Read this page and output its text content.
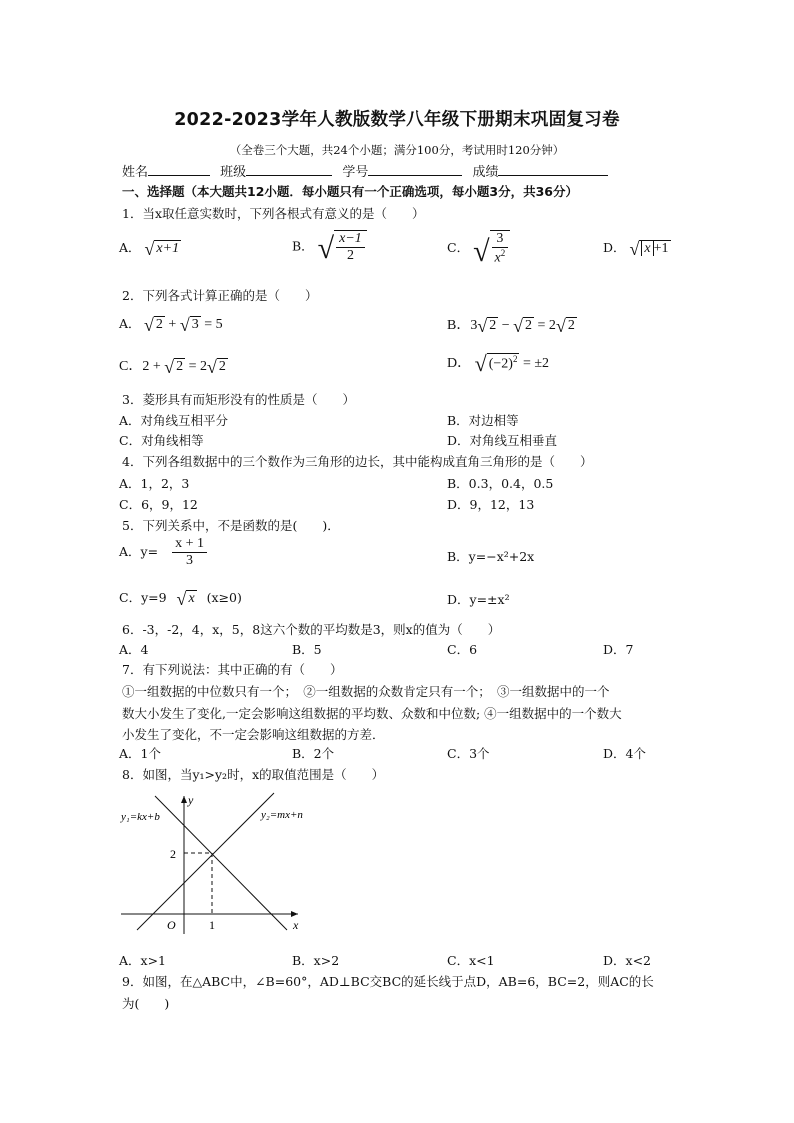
2022-2023学年人教版数学八年级下册期末巩固复习卷
（全卷三个大题，共24个小题；满分100分，考试用时120分钟）
姓名	班级	学号	成绩
一、选择题（本大题共12小题．每小题只有一个正确选项，每小题3分，共36分）
1．当x取任意实数时，下列各根式有意义的是（　　）
A． √ x+1	B． √ $\frac{x-1}{2}$	C． √ $\frac{3}{x^2}$	D． √ x +1
2．下列各式计算正确的是（　　）
A． √ 2 + √ 3 = 5	B．3 √ 2 − √ 2 = 2 √ 2
C．2 + √ 2 = 2 √ 2	D． √ $(-2)^2 = \pm 2$
3．菱形具有而矩形没有的性质是（　　）
A．对角线互相平分	B．对边相等
C．对角线相等	D．对角线互相垂直
4．下列各组数据中的三个数作为三角形的边长，其中能构成直角三角形的是（　　）
A．1，2，3	B．0.3，0.4，0.5
C．6，9，12	D．9，12，13
5．下列关系中，不是函数的是(　　)．
A．$y= \frac{x + 1}{3}$	B．y=−x²+2x
C．y=9 √ x (x≥0)	D．y=±x²
6．-3，-2，4，x，5，8这六个数的平均数是3，则x的值为（　　）
A．4	B．5	C．6	D．7
7．有下列说法：其中正确的有（　　）
①一组数据的中位数只有一个；　②一组数据的众数肯定只有一个；　③一组数据中的一个
数大小发生了变化,一定会影响这组数据的平均数、众数和中位数; ④一组数据中的一个数大
小发生了变化，不一定会影响这组数据的方差．
A．1个	B．2个	C．3个	D．4个
8．如图，当y₁>y₂时，x的取值范围是（　　）
y₁=kx+b	y₂=mx+n
y
x
O	1
2
A．x>1	B．x>2	C．x<1	D．x<2
9．如图，在△ABC中，∠B=60°，AD⊥BC交BC的延长线于点D，AB=6，BC=2，则AC的长
为(　　)
